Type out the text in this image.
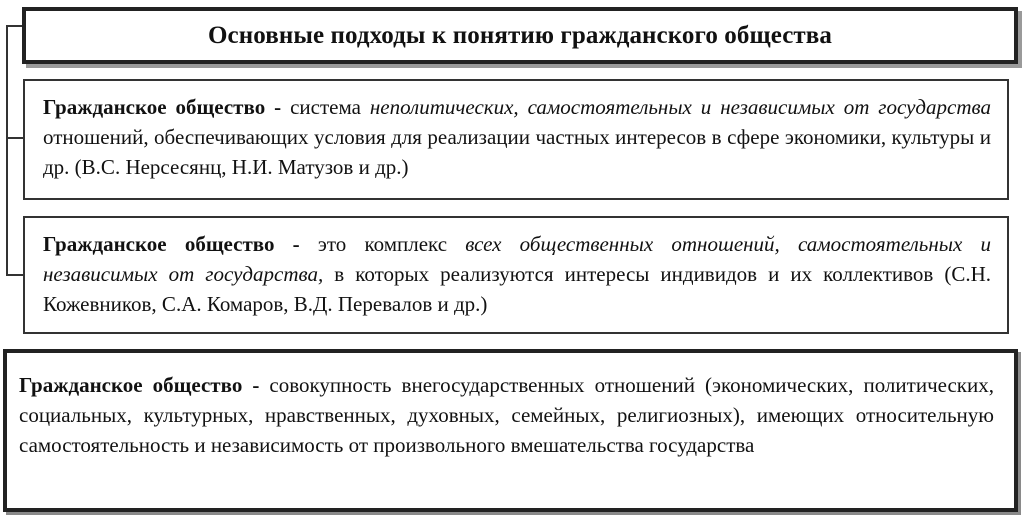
Основные подходы к понятию гражданского общества
Гражданское общество - система неполитических, самостоятельных и независимых от государства отношений, обеспечивающих условия для реализации частных интересов в сфере экономики, культуры и др. (В.С. Нерсесянц, Н.И. Матузов и др.)
Гражданское общество - это комплекс всех общественных отношений, самостоятельных и независимых от государства, в которых реализуются интересы индивидов и их коллективов (С.Н. Кожевников, С.А. Комаров, В.Д. Перевалов и др.)
Гражданское общество - совокупность внегосударственных отношений (экономических, политических, социальных, культурных, нравственных, духовных, семейных, религиозных), имеющих относительную самостоятельность и независимость от произвольного вмешательства государства
